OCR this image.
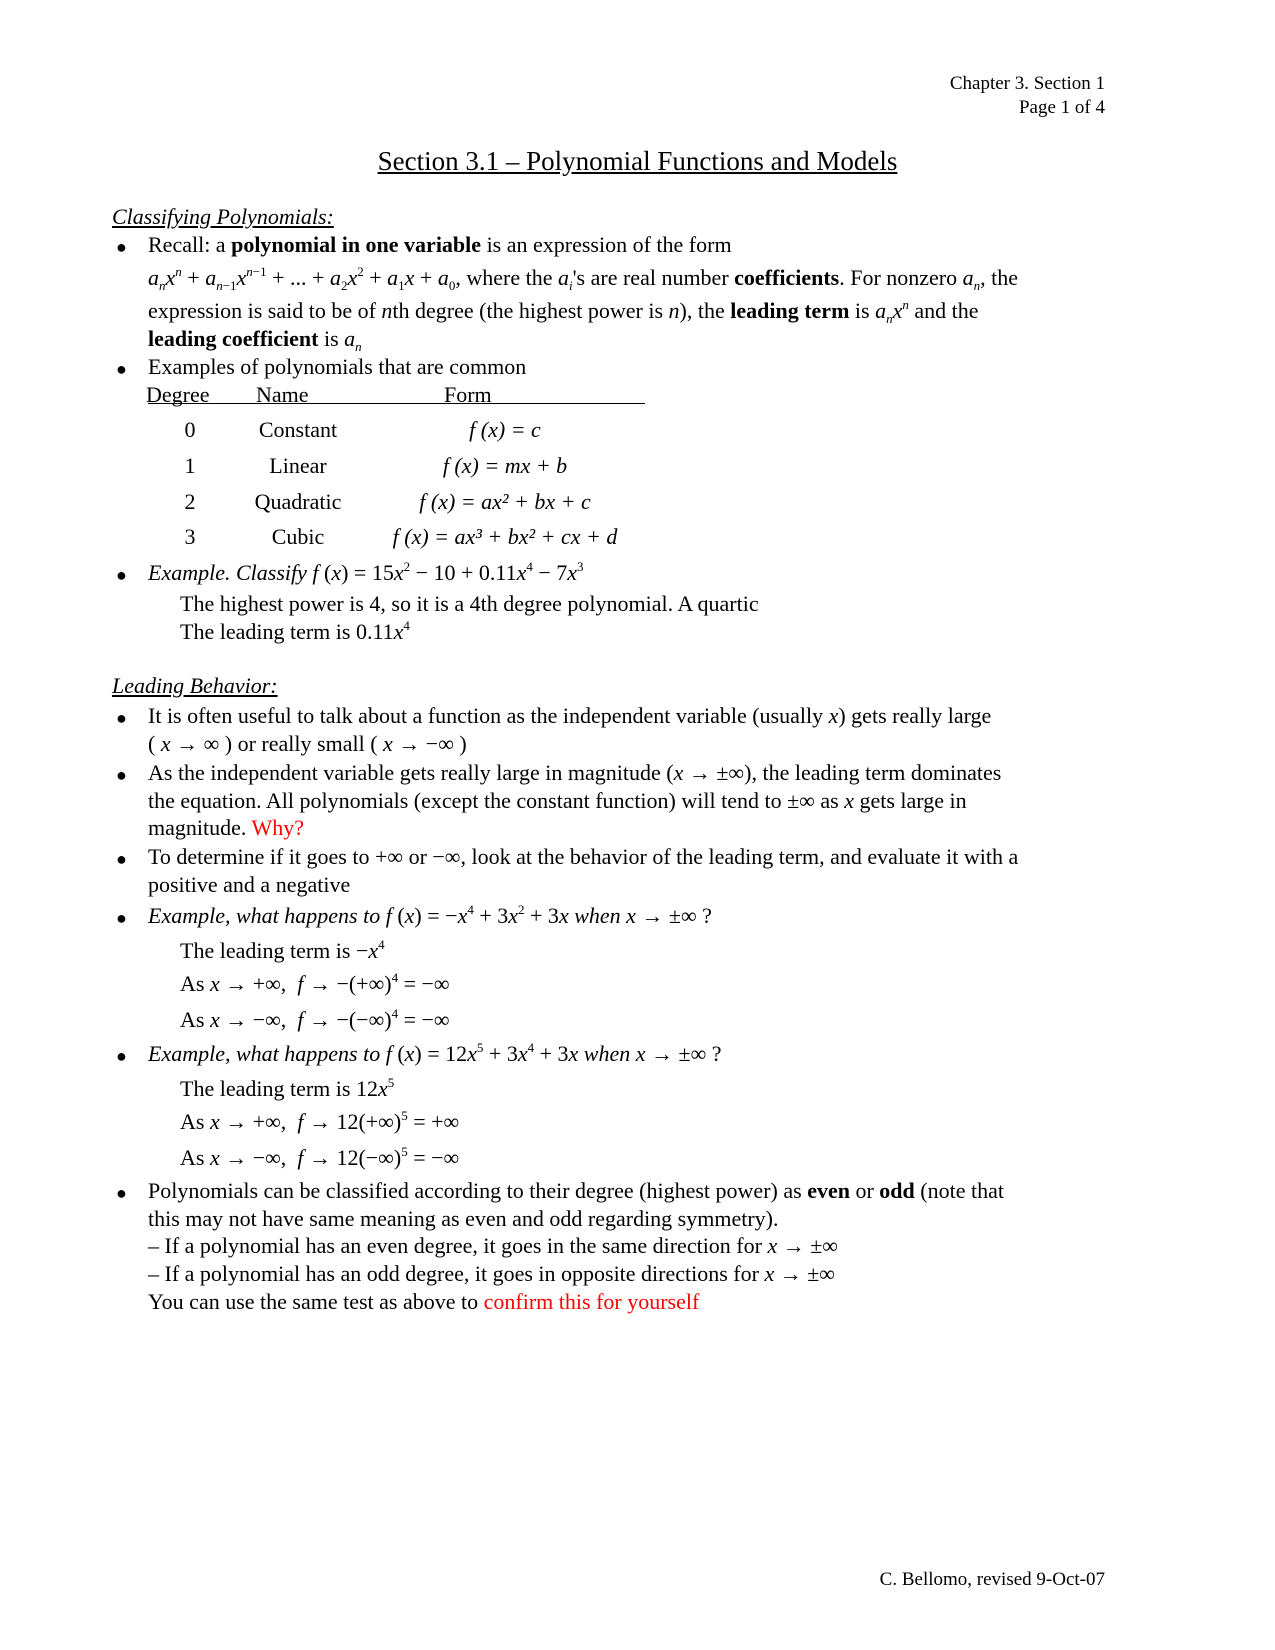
Chapter 3. Section 1
Page 1 of 4
Section 3.1 – Polynomial Functions and Models
Classifying Polynomials:
● Recall: a polynomial in one variable is an expression of the form
$a_nx^n + a_{n-1}x^{n-1}$ + ... + $a_2x^2 + a_1x + a_0$, where the $a_i's$ are real number coefficients. For nonzero $a_n$, the
expression is said to be of nth degree (the highest power is n), the leading term is $a_nx^n$ and the
leading coefficient is $a_n$
● Examples of polynomials that are common
Degree Name	Form
0	Constant	f (x) = c
1	Linear	f (x) = mx + b
2	Quadratic	f (x) = ax² + bx + c
3	Cubic	f (x) = ax³ + bx² + cx + d
● Example. Classify f $(x) = 15x^2 - 10 + 0.11x^4 - 7x^3$
The highest power is 4, so it is a 4th degree polynomial. A quartic
The leading term is $0.11x^4$
Leading Behavior:
● It is often useful to talk about a function as the independent variable (usually x) gets really large
( x → ∞ ) or really small ( x → −∞ )
● As the independent variable gets really large in magnitude (x → ±∞), the leading term dominates
the equation. All polynomials (except the constant function) will tend to ±∞ as x gets large in
magnitude. Why?
● To determine if it goes to +∞ or −∞, look at the behavior of the leading term, and evaluate it with a
positive and a negative
● Example, what happens to f $(x) = -x^4 + 3x^2 + 3x$ when x → ±∞ ?
The leading term is $-x^4$
As x → +∞,  f → −(+∞)$^4$ = −∞
As x → −∞,  f → −(−∞)$^4$ = −∞
● Example, what happens to f $(x) = 12x^5 + 3x^4 + 3x$ when x → ±∞ ?
The leading term is $12x^5$
As x → +∞,  f → 12(+∞)$^5$ = +∞
As x → −∞,  f → 12(−∞)$^5$ = −∞
● Polynomials can be classified according to their degree (highest power) as even or odd (note that
this may not have same meaning as even and odd regarding symmetry).
– If a polynomial has an even degree, it goes in the same direction for x → ±∞
– If a polynomial has an odd degree, it goes in opposite directions for x → ±∞
You can use the same test as above to confirm this for yourself
C. Bellomo, revised 9-Oct-07
